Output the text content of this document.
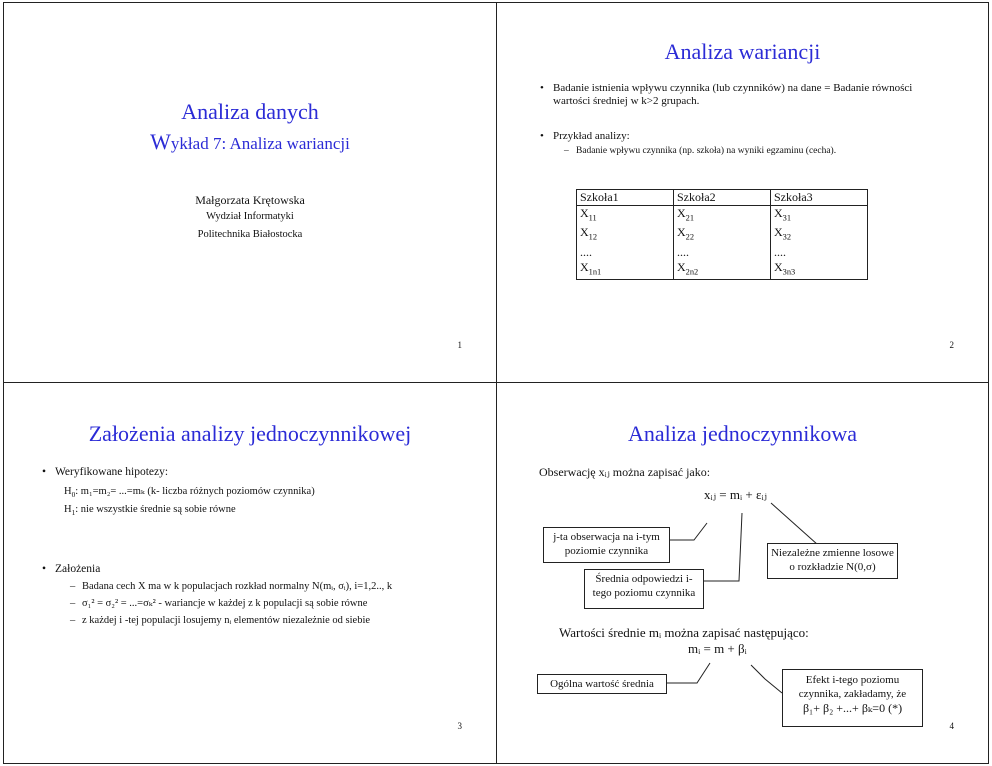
Analiza danych
Wykład 7: Analiza wariancji
Małgorzata Krętowska
Wydział Informatyki
Politechnika Białostocka
1
Analiza wariancji
• Badanie istnienia wpływu czynnika (lub czynników) na dane = Badanie równości wartości średniej w k>2 grupach.
• Przykład analizy:
– Badanie wpływu czynnika (np. szkoła) na wyniki egzaminu (cecha).
Szkoła1	Szkoła2	Szkoła3
$X_{11}$	$X_{21}$	$X_{31}$
$X_{12}$	$X_{22}$	$X_{32}$
....	....	....
$X_{1n1}$	$X_{2n2}$	$X_{3n3}$
2
Założenia analizy jednoczynnikowej
• Weryfikowane hipotezy:
$H_0$: m₁=m₂= ...=mₖ (k- liczba różnych poziomów czynnika)
$H_1$: nie wszystkie średnie są sobie równe
• Założenia
– Badana cech X ma w k populacjach rozkład normalny N(mᵢ, σᵢ), i=1,2.., k
– σ₁² = σ₂² = ...=σₖ² - wariancje w każdej z k populacji są sobie równe
– z każdej i -tej populacji losujemy nᵢ elementów niezależnie od siebie
3
Analiza jednoczynnikowa
Obserwację xᵢⱼ można zapisać jako:
xᵢⱼ = mᵢ + εᵢⱼ
j-ta obserwacja na i-tym poziomie czynnika
Średnia odpowiedzi i-tego poziomu czynnika
Niezależne zmienne losowe o rozkładzie N(0,σ)
Wartości średnie mᵢ można zapisać następująco:
mᵢ = m + βᵢ
Ogólna wartość średnia	Efekt i-tego poziomu
czynnika, zakładamy, że
β₁+ β₂ +...+ βₖ=0 (*)
4
